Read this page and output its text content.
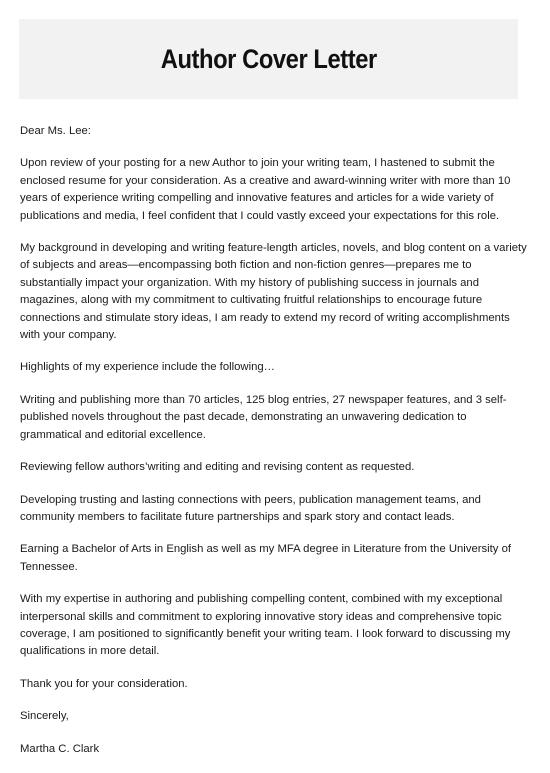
Author Cover Letter

Dear Ms. Lee:

Upon review of your posting for a new Author to join your writing team, I hastened to submit the enclosed resume for your consideration. As a creative and award-winning writer with more than 10 years of experience writing compelling and innovative features and articles for a wide variety of publications and media, I feel confident that I could vastly exceed your expectations for this role.

My background in developing and writing feature-length articles, novels, and blog content on a variety of subjects and areas—encompassing both fiction and non-fiction genres—prepares me to substantially impact your organization. With my history of publishing success in journals and magazines, along with my commitment to cultivating fruitful relationships to encourage future connections and stimulate story ideas, I am ready to extend my record of writing accomplishments with your company.

Highlights of my experience include the following…

Writing and publishing more than 70 articles, 125 blog entries, 27 newspaper features, and 3 self-published novels throughout the past decade, demonstrating an unwavering dedication to grammatical and editorial excellence.

Reviewing fellow authors’writing and editing and revising content as requested.

Developing trusting and lasting connections with peers, publication management teams, and community members to facilitate future partnerships and spark story and contact leads.

Earning a Bachelor of Arts in English as well as my MFA degree in Literature from the University of Tennessee.

With my expertise in authoring and publishing compelling content, combined with my exceptional interpersonal skills and commitment to exploring innovative story ideas and comprehensive topic coverage, I am positioned to significantly benefit your writing team. I look forward to discussing my qualifications in more detail.

Thank you for your consideration.

Sincerely,

Martha C. Clark
